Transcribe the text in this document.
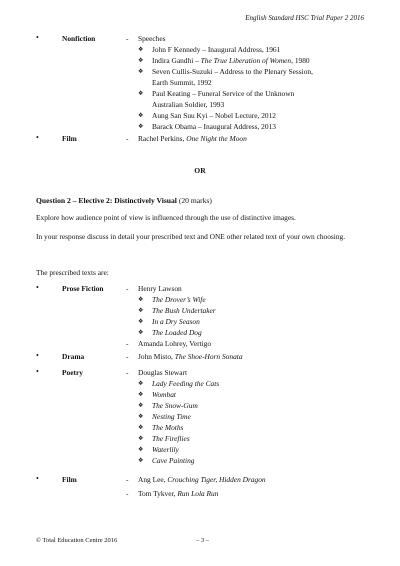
English Standard HSC Trial Paper 2 2016
•	Nonfiction	- Speeches
❖ John F Kennedy – Inaugural Address, 1961
❖ Indira Gandhi – The True Liberation of Women, 1980
❖ Seven Cullis-Suzuki – Address to the Plenary Session,
Earth Summit, 1992
❖ Paul Keating – Funeral Service of the Unknown
Australian Soldier, 1993
❖ Aung San Suu Kyi – Nobel Lecture, 2012
❖ Barack Obama – Inaugural Address, 2013
•	Film	- Rachel Perkins, One Night the Moon
OR
Question 2 – Elective 2: Distinctively Visual (20 marks)
Explore how audience point of view is influenced through the use of distinctive images.
In your response discuss in detail your prescribed text and ONE other related text of your own choosing.
The prescribed texts are:
•	Prose Fiction	- Henry Lawson
❖ The Drover’s Wife
❖ The Bush Undertaker
❖ In a Dry Season
❖ The Loaded Dog
- Amanda Lohrey, Vertigo
•	Drama	- John Misto, The Shoe-Horn Sonata
•	Poetry	- Douglas Stewart
❖ Lady Feeding the Cats
❖ Wombat
❖ The Snow-Gum
❖ Nesting Time
❖ The Moths
❖ The Fireflies
❖ Waterlily
❖ Cave Painting
•	Film	- Ang Lee, Crouching Tiger, Hidden Dragon
- Tom Tykver, Run Lola Run
© Total Education Centre 2016	– 3 –
